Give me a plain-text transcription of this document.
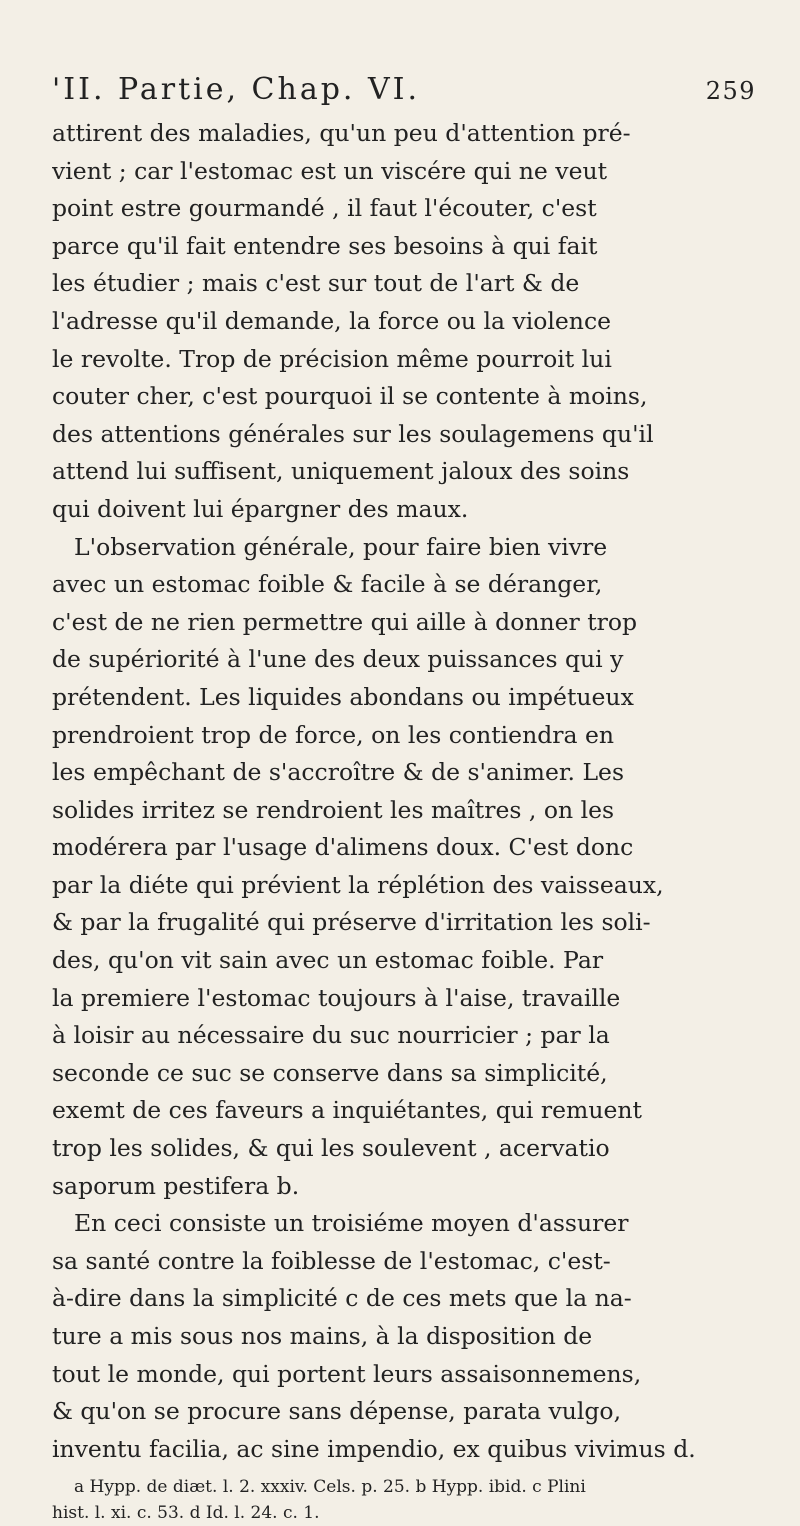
'II. Partie, Chap. VI.	259

attirent des maladies, qu'un peu d'attention pré-

vient ; car l'estomac est un viscére qui ne veut

point estre gourmandé , il faut l'écouter, c'est

parce qu'il fait entendre ses besoins à qui fait

les étudier ; mais c'est sur tout de l'art & de

l'adresse qu'il demande, la force ou la violence

le revolte. Trop de précision même pourroit lui

couter cher, c'est pourquoi il se contente à moins,

des attentions générales sur les soulagemens qu'il

attend lui suffisent, uniquement jaloux des soins

qui doivent lui épargner des maux.

L'observation générale, pour faire bien vivre

avec un estomac foible & facile à se déranger,

c'est de ne rien permettre qui aille à donner trop

de supériorité à l'une des deux puissances qui y

prétendent. Les liquides abondans ou impétueux

prendroient trop de force, on les contiendra en

les empêchant de s'accroître & de s'animer. Les

solides irritez se rendroient les maîtres , on les

modérera par l'usage d'alimens doux. C'est donc

par la diéte qui prévient la réplétion des vaisseaux,

& par la frugalité qui préserve d'irritation les soli-

des, qu'on vit sain avec un estomac foible. Par

la premiere l'estomac toujours à l'aise, travaille

à loisir au nécessaire du suc nourricier ; par la

seconde ce suc se conserve dans sa simplicité,

exemt de ces faveurs a inquiétantes, qui remuent

trop les solides, & qui les soulevent , acervatio

saporum pestifera b.

En ceci consiste un troisiéme moyen d'assurer

sa santé contre la foiblesse de l'estomac, c'est-

à-dire dans la simplicité c de ces mets que la na-

ture a mis sous nos mains, à la disposition de

tout le monde, qui portent leurs assaisonnemens,

& qu'on se procure sans dépense, parata vulgo,

inventu facilia, ac sine impendio, ex quibus vivimus d.

a Hypp. de diæt. l. 2. xxxiv. Cels. p. 25. b Hypp. ibid. c Plini

hist. l. xi. c. 53. d Id. l. 24. c. 1.
